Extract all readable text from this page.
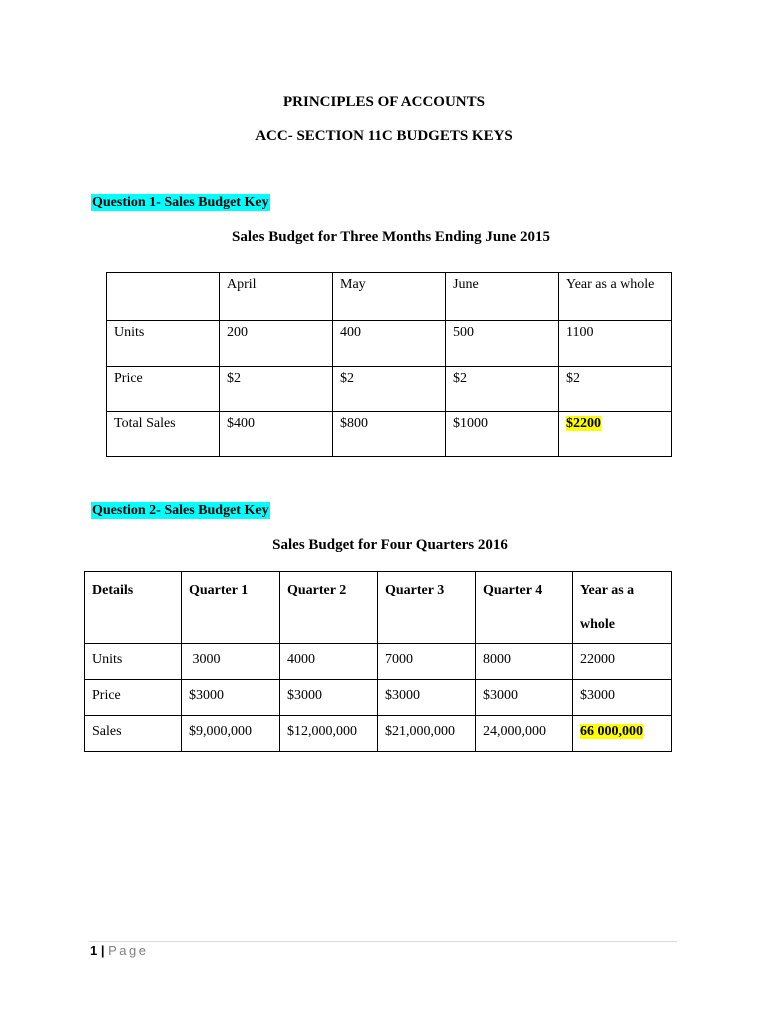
PRINCIPLES OF ACCOUNTS
ACC- SECTION 11C BUDGETS KEYS
Question 1- Sales Budget Key
Sales Budget for Three Months Ending June 2015

	April	May	June	Year as a whole

Units	200	400	500	1100

Price	$2	$2	$2	$2

Total Sales	$400	$800	$1000	$2200
Question 2- Sales Budget Key
Sales Budget for Four Quarters 2016
Details	Quarter 1	Quarter 2	Quarter 3	Quarter 4	Year as a whole

Units	3000	4000	7000	8000	22000

Price	$3000	$3000	$3000	$3000	$3000

Sales	$9,000,000	$12,000,000	$21,000,000	24,000,000	66 000,000
1 | Page
